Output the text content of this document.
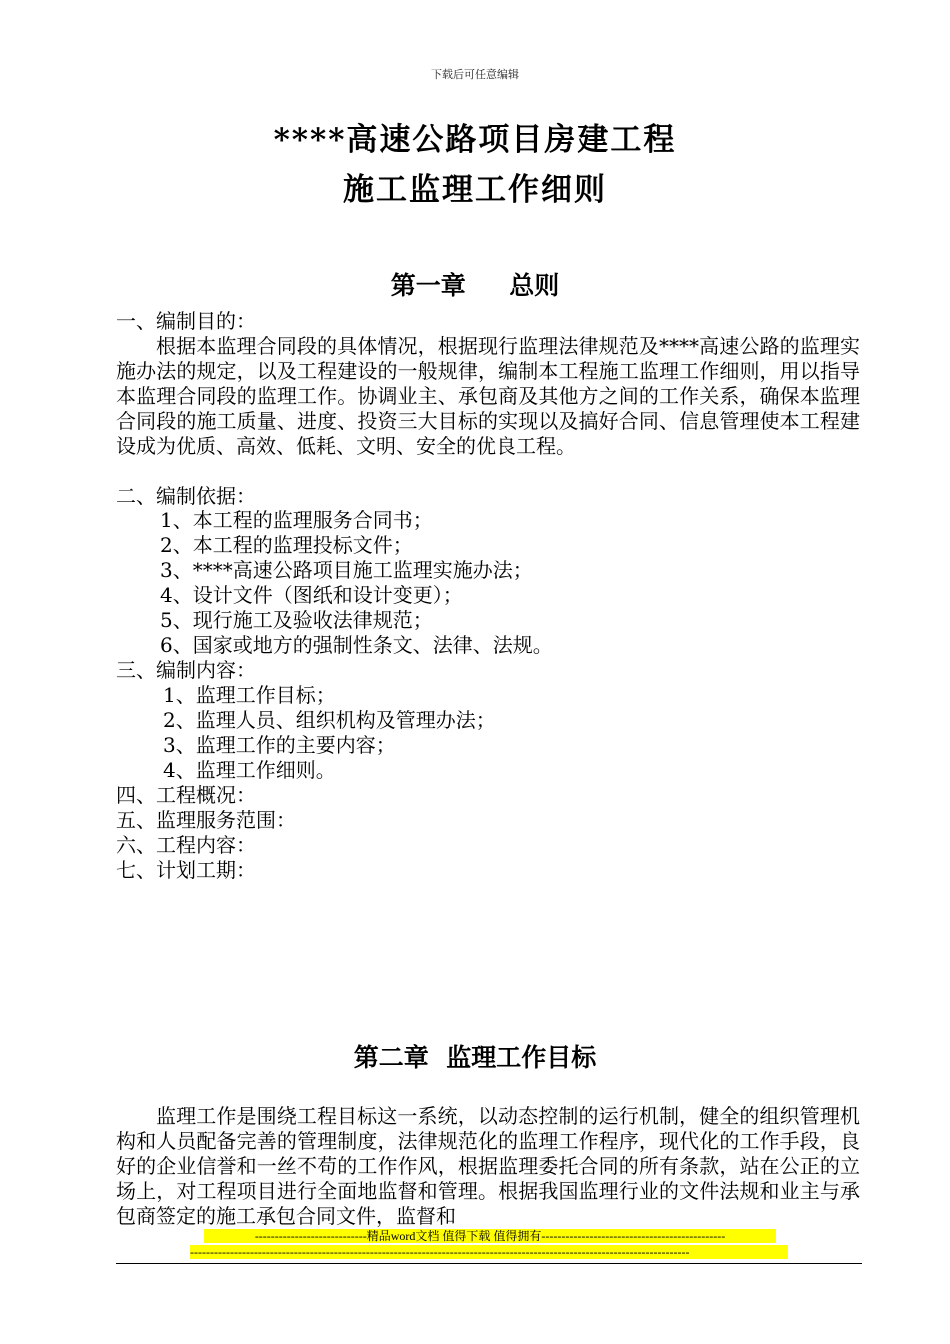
下载后可任意编辑
****高速公路项目房建工程
施工监理工作细则
第一章     总则
一、编制目的：
根据本监理合同段的具体情况，根据现行监理法律规范及****高速公路的监理实施办法的规定，以及工程建设的一般规律，编制本工程施工监理工作细则，用以指导本监理合同段的监理工作。协调业主、承包商及其他方之间的工作关系，确保本监理合同段的施工质量、进度、投资三大目标的实现以及搞好合同、信息管理使本工程建设成为优质、高效、低耗、文明、安全的优良工程。
二、编制依据：
1、本工程的监理服务合同书；
2、本工程的监理投标文件；
3、****高速公路项目施工监理实施办法；
4、设计文件（图纸和设计变更）；
5、现行施工及验收法律规范；
6、国家或地方的强制性条文、法律、法规。
三、编制内容：
1、监理工作目标；
2、监理人员、组织机构及管理办法；
3、监理工作的主要内容；
4、监理工作细则。
四、工程概况：
五、监理服务范围：
六、工程内容：
七、计划工期：
第二章  监理工作目标
监理工作是围绕工程目标这一系统，以动态控制的运行机制，健全的组织管理机构和人员配备完善的管理制度，法律规范化的监理工作程序，现代化的工作手段，良好的企业信誉和一丝不苟的工作作风，根据监理委托合同的所有条款，站在公正的立场上，对工程项目进行全面地监督和管理。根据我国监理行业的文件法规和业主与承包商签定的施工承包合同文件，监督和
----------------------------精品word文档 值得下载 值得拥有----------------------------------------------
-----------------------------------------------------------------------------------------------------------------------------
